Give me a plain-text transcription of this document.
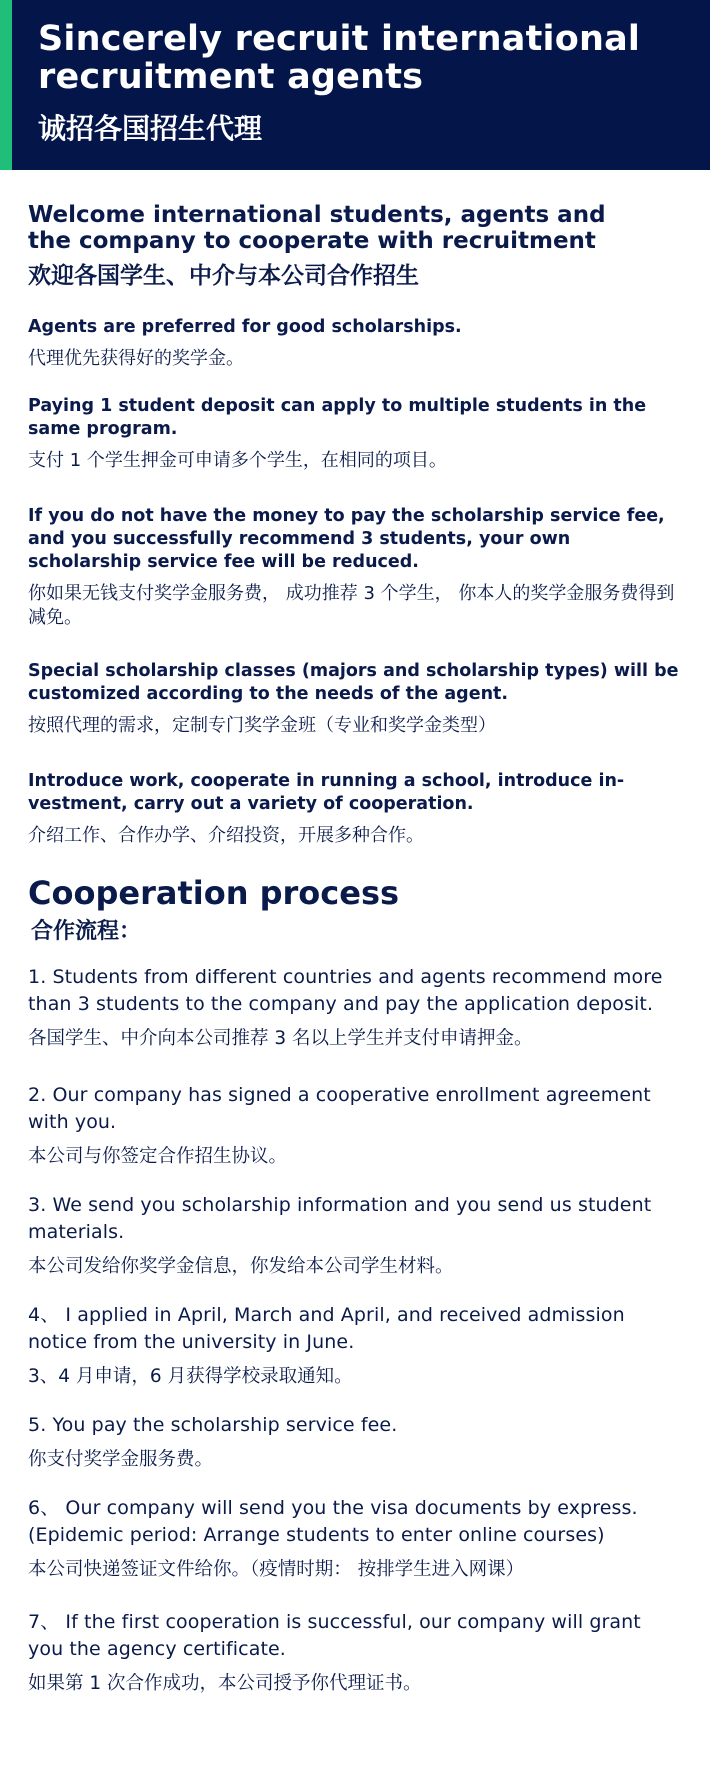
Sincerely recruit international
recruitment agents
诚招各国招生代理
Welcome international students, agents and
the company to cooperate with recruitment
欢迎各国学生、中介与本公司合作招生
Agents are preferred for good scholarships.
代理优先获得好的奖学金。
Paying 1 student deposit can apply to multiple students in the same program.
支付 1 个学生押金可申请多个学生，在相同的项目。
If you do not have the money to pay the scholarship service fee, and you successfully recommend 3 students, your own scholarship service fee will be reduced.
你如果无钱支付奖学金服务费， 成功推荐 3 个学生， 你本人的奖学金服务费得到减免。
Special scholarship classes (majors and scholarship types) will be customized according to the needs of the agent.
按照代理的需求，定制专门奖学金班（专业和奖学金类型）
Introduce work, cooperate in running a school, introduce in-vestment, carry out a variety of cooperation.
介绍工作、合作办学、介绍投资，开展多种合作。
Cooperation process
合作流程：
1. Students from different countries and agents recommend more than 3 students to the company and pay the application deposit.
各国学生、中介向本公司推荐 3 名以上学生并支付申请押金。
2. Our company has signed a cooperative enrollment agreement with you.
本公司与你签定合作招生协议。
3. We send you scholarship information and you send us student materials.
本公司发给你奖学金信息，你发给本公司学生材料。
4、 I applied in April, March and April, and received admission notice from the university in June.
3、4 月申请，6 月获得学校录取通知。
5. You pay the scholarship service fee.
你支付奖学金服务费。
6、 Our company will send you the visa documents by express. (Epidemic period: Arrange students to enter online courses)
本公司快递签证文件给你。（疫情时期： 按排学生进入网课）
7、 If the first cooperation is successful, our company will grant you the agency certificate.
如果第 1 次合作成功，本公司授予你代理证书。
